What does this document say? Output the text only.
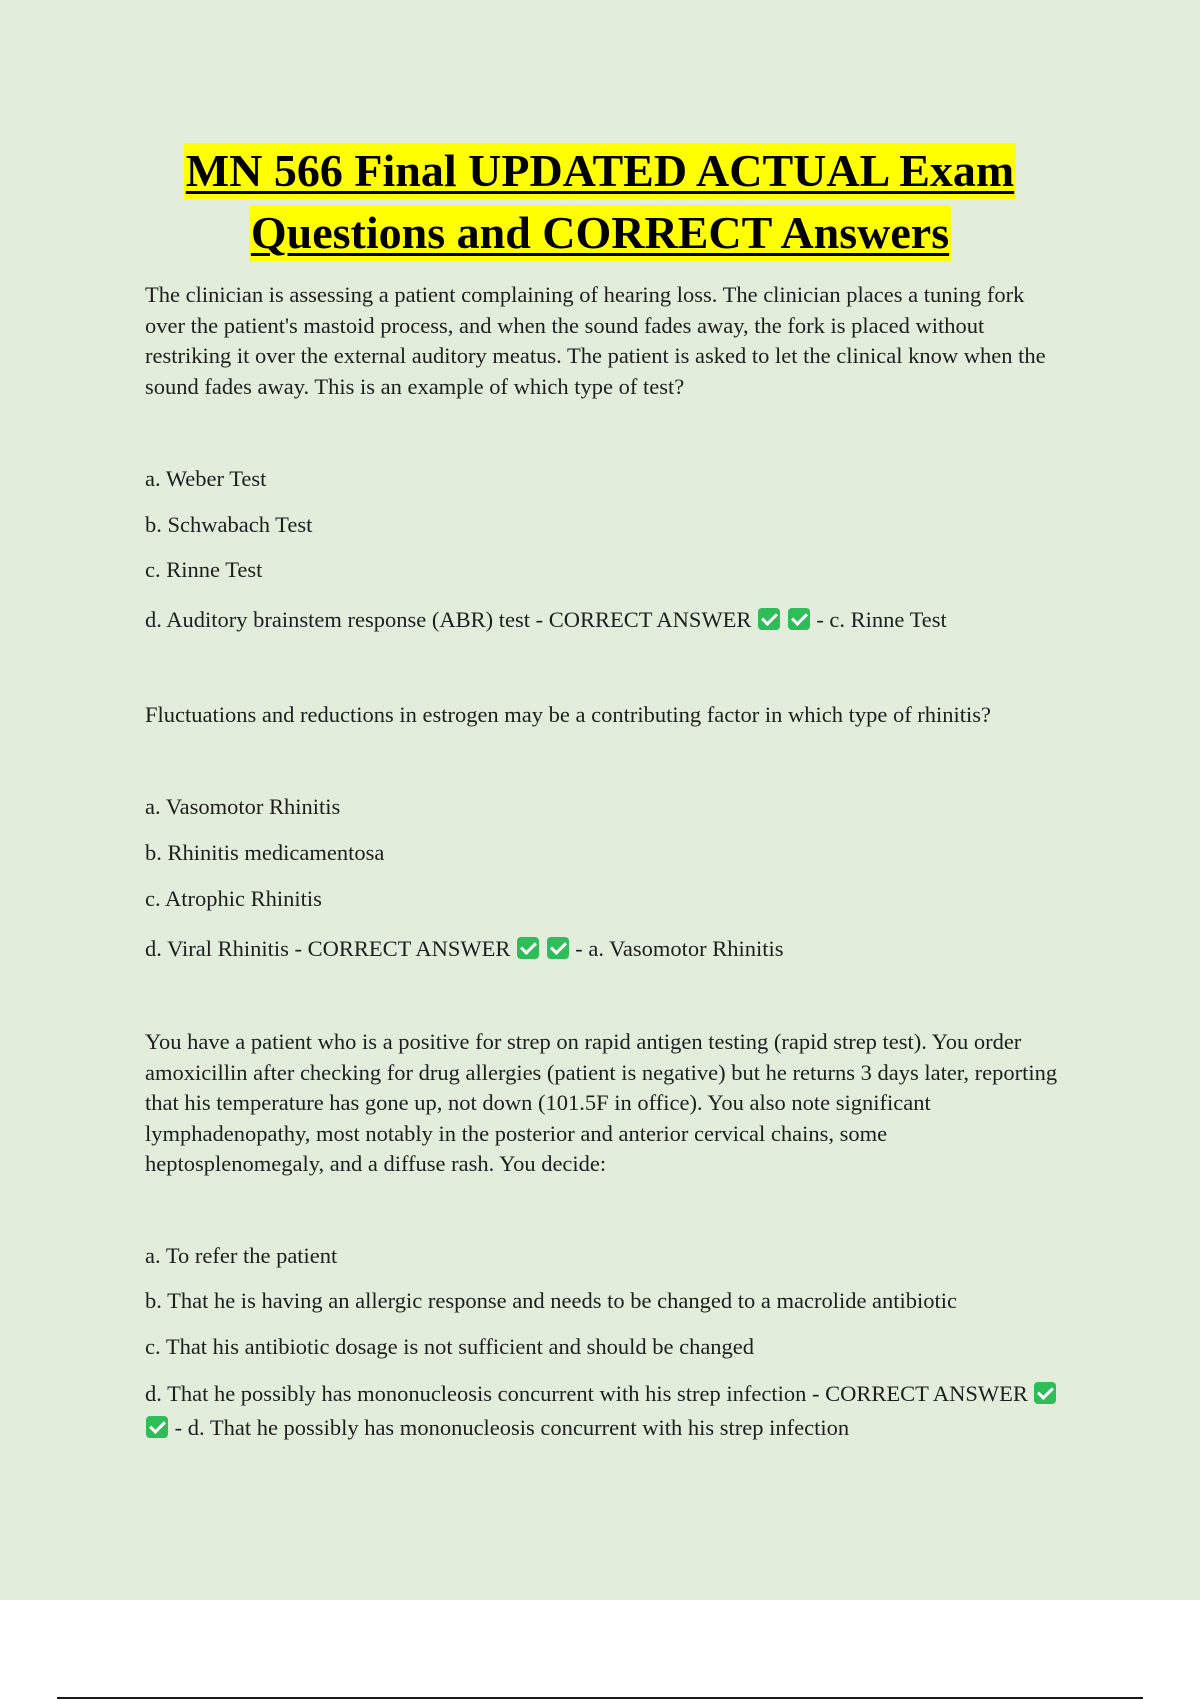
MN 566 Final UPDATED ACTUAL Exam
Questions and CORRECT Answers

The clinician is assessing a patient complaining of hearing loss. The clinician places a tuning fork over the patient's mastoid process, and when the sound fades away, the fork is placed without restriking it over the external auditory meatus. The patient is asked to let the clinical know when the sound fades away. This is an example of which type of test?

a. Weber Test

b. Schwabach Test

c. Rinne Test

d. Auditory brainstem response (ABR) test - CORRECT ANSWER	- c. Rinne Test

Fluctuations and reductions in estrogen may be a contributing factor in which type of rhinitis?

a. Vasomotor Rhinitis

b. Rhinitis medicamentosa

c. Atrophic Rhinitis

d. Viral Rhinitis - CORRECT ANSWER	- a. Vasomotor Rhinitis

You have a patient who is a positive for strep on rapid antigen testing (rapid strep test). You order amoxicillin after checking for drug allergies (patient is negative) but he returns 3 days later, reporting that his temperature has gone up, not down (101.5F in office). You also note significant lymphadenopathy, most notably in the posterior and anterior cervical chains, some heptosplenomegaly, and a diffuse rash. You decide:

a. To refer the patient

b. That he is having an allergic response and needs to be changed to a macrolide antibiotic

c. That his antibiotic dosage is not sufficient and should be changed

d. That he possibly has mononucleosis concurrent with his strep infection - CORRECT ANSWER   - d. That he possibly has mononucleosis concurrent with his strep infection
